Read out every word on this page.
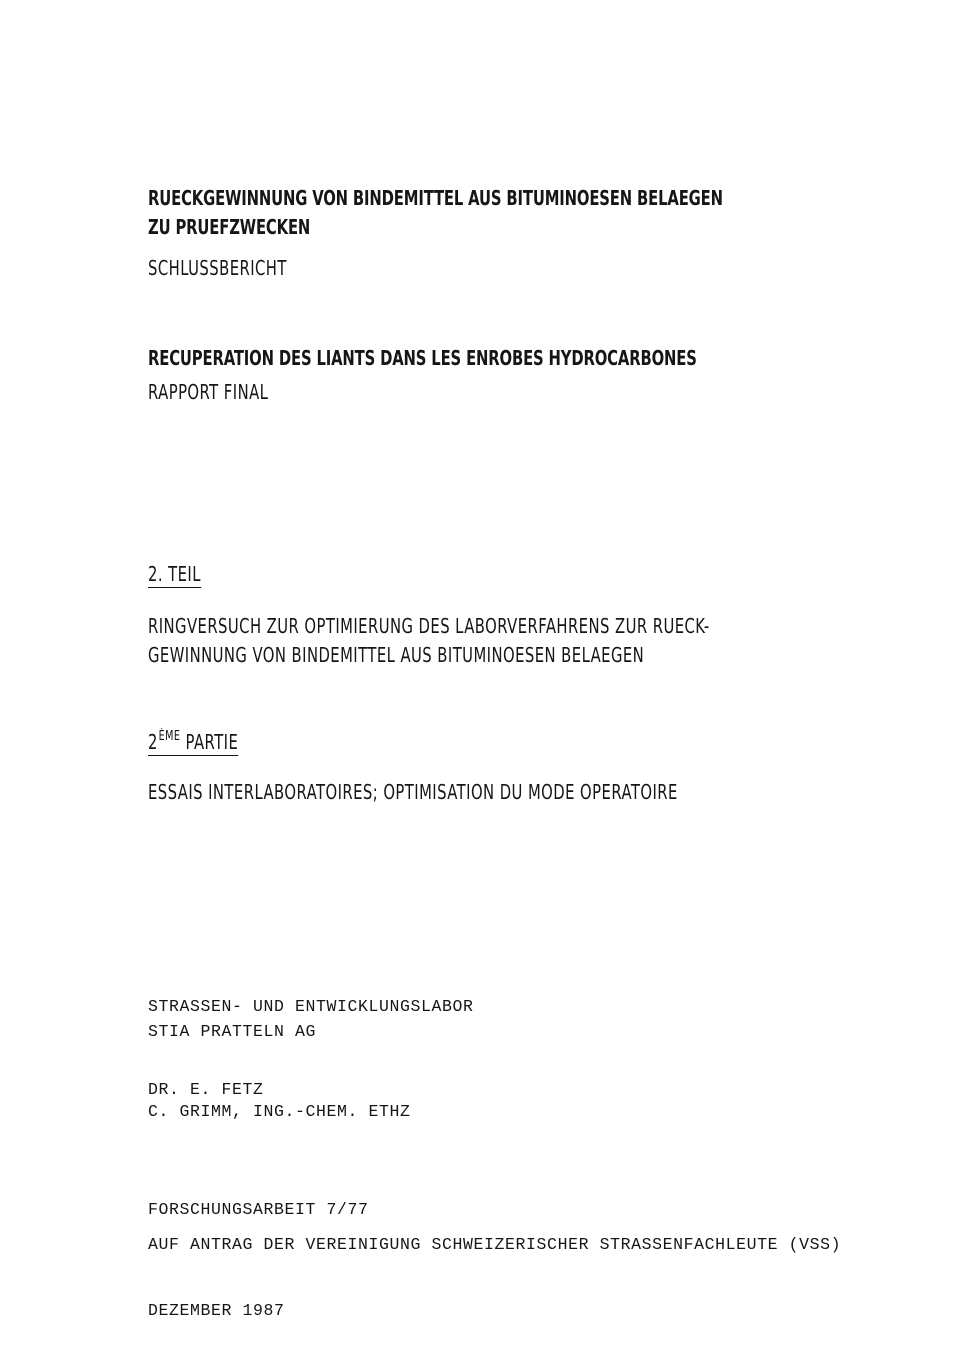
RUECKGEWINNUNG VON BINDEMITTEL AUS BITUMINOESEN BELAEGEN

ZU PRUEFZWECKEN

SCHLUSSBERICHT

RECUPERATION DES LIANTS DANS LES ENROBES HYDROCARBONES

RAPPORT FINAL

2. TEIL

RINGVERSUCH ZUR OPTIMIERUNG DES LABORVERFAHRENS ZUR RUECK-

GEWINNUNG VON BINDEMITTEL AUS BITUMINOESEN BELAEGEN

2ÈME PARTIE

ESSAIS INTERLABORATOIRES; OPTIMISATION DU MODE OPERATOIRE

STRASSEN- UND ENTWICKLUNGSLABOR

STIA PRATTELN AG

DR. E. FETZ

C. GRIMM, ING.-CHEM. ETHZ

FORSCHUNGSARBEIT 7/77

AUF ANTRAG DER VEREINIGUNG SCHWEIZERISCHER STRASSENFACHLEUTE (VSS)

DEZEMBER 1987
